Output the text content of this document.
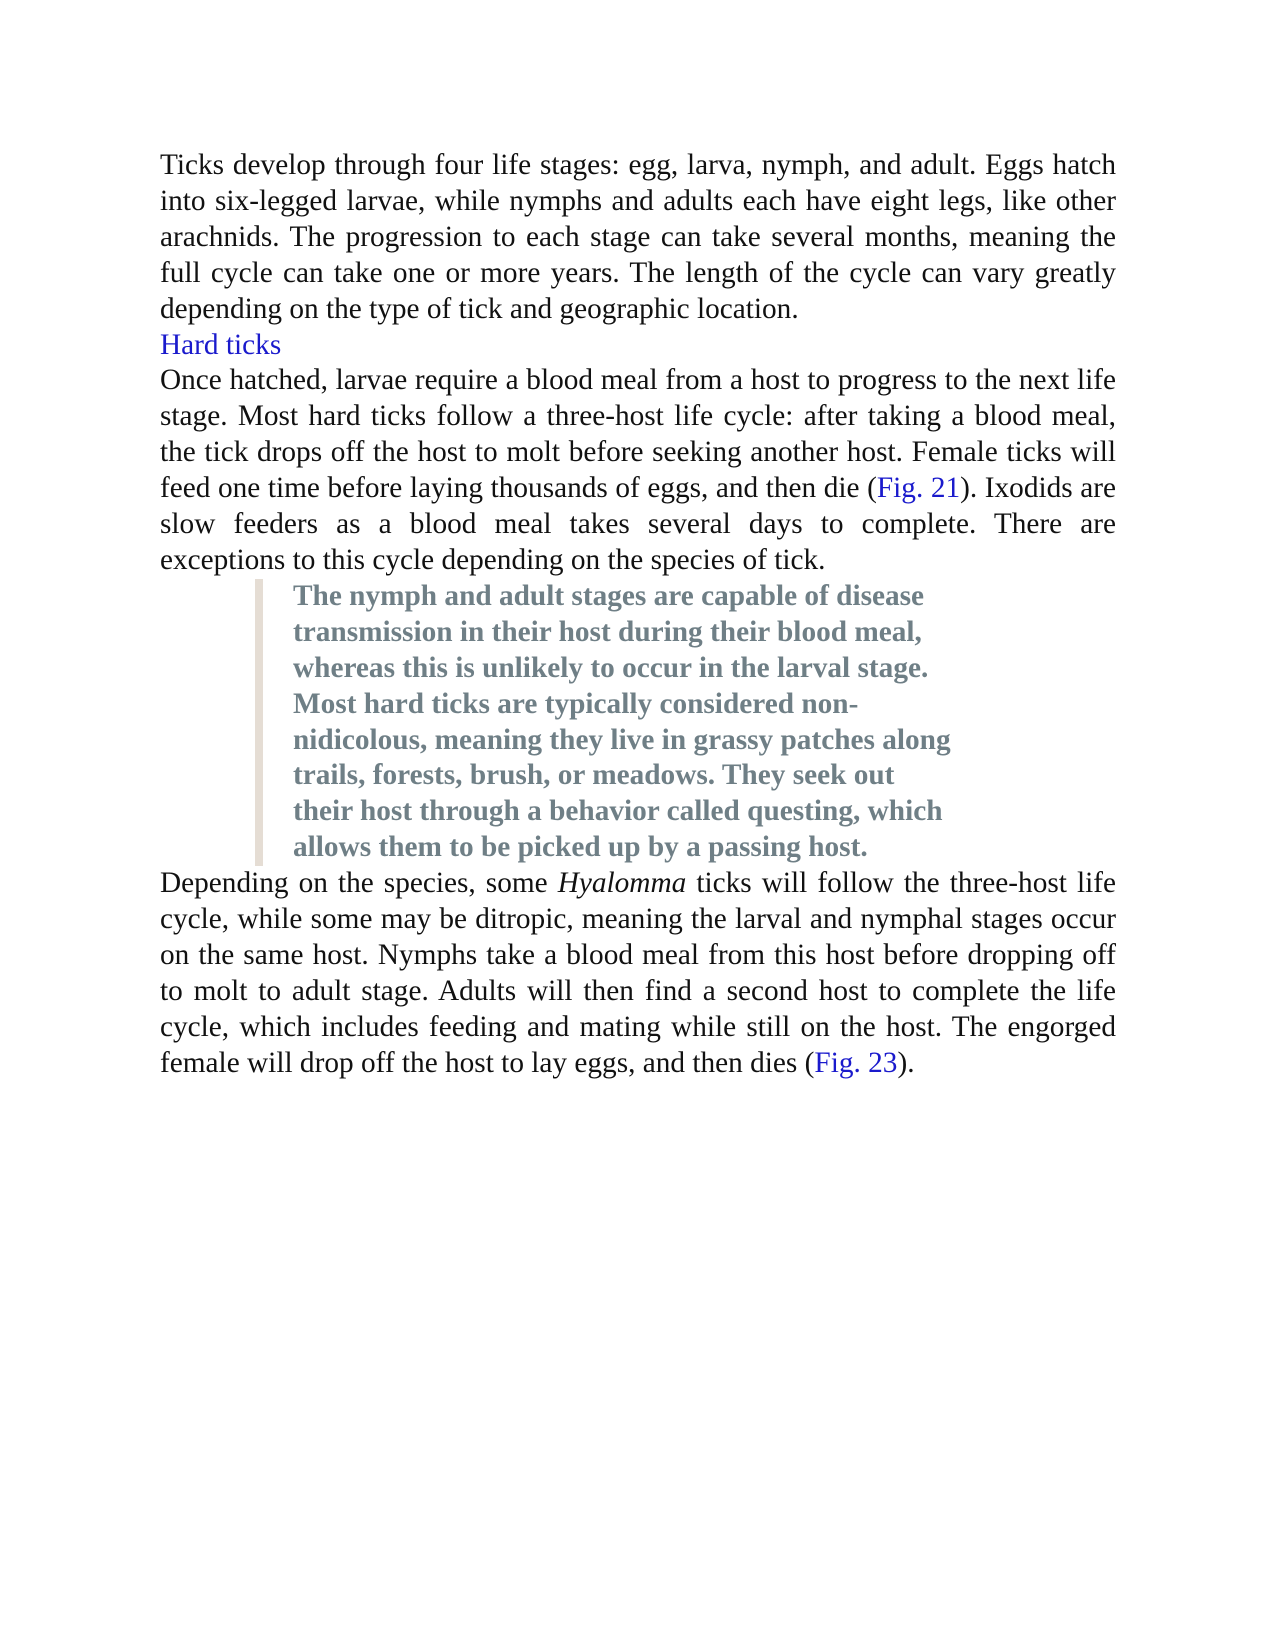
Ticks develop through four life stages: egg, larva, nymph, and adult. Eggs hatch into six-legged larvae, while nymphs and adults each have eight legs, like other arachnids. The progression to each stage can take several months, meaning the full cycle can take one or more years. The length of the cycle can vary greatly depending on the type of tick and geographic location.

Hard ticks

Once hatched, larvae require a blood meal from a host to progress to the next life stage. Most hard ticks follow a three-host life cycle: after taking a blood meal, the tick drops off the host to molt before seeking another host. Female ticks will feed one time before laying thousands of eggs, and then die (Fig. 21). Ixodids are slow feeders as a blood meal takes several days to complete. There are exceptions to this cycle depending on the species of tick.

The nymph and adult stages are capable of disease transmission in their host during their blood meal, whereas this is unlikely to occur in the larval stage.

Most hard ticks are typically considered non-nidicolous, meaning they live in grassy patches along trails, forests, brush, or meadows. They seek out their host through a behavior called questing, which allows them to be picked up by a passing host.

Depending on the species, some Hyalomma ticks will follow the three-host life cycle, while some may be ditropic, meaning the larval and nymphal stages occur on the same host. Nymphs take a blood meal from this host before dropping off to molt to adult stage. Adults will then find a second host to complete the life cycle, which includes feeding and mating while still on the host. The engorged female will drop off the host to lay eggs, and then dies (Fig. 23).
